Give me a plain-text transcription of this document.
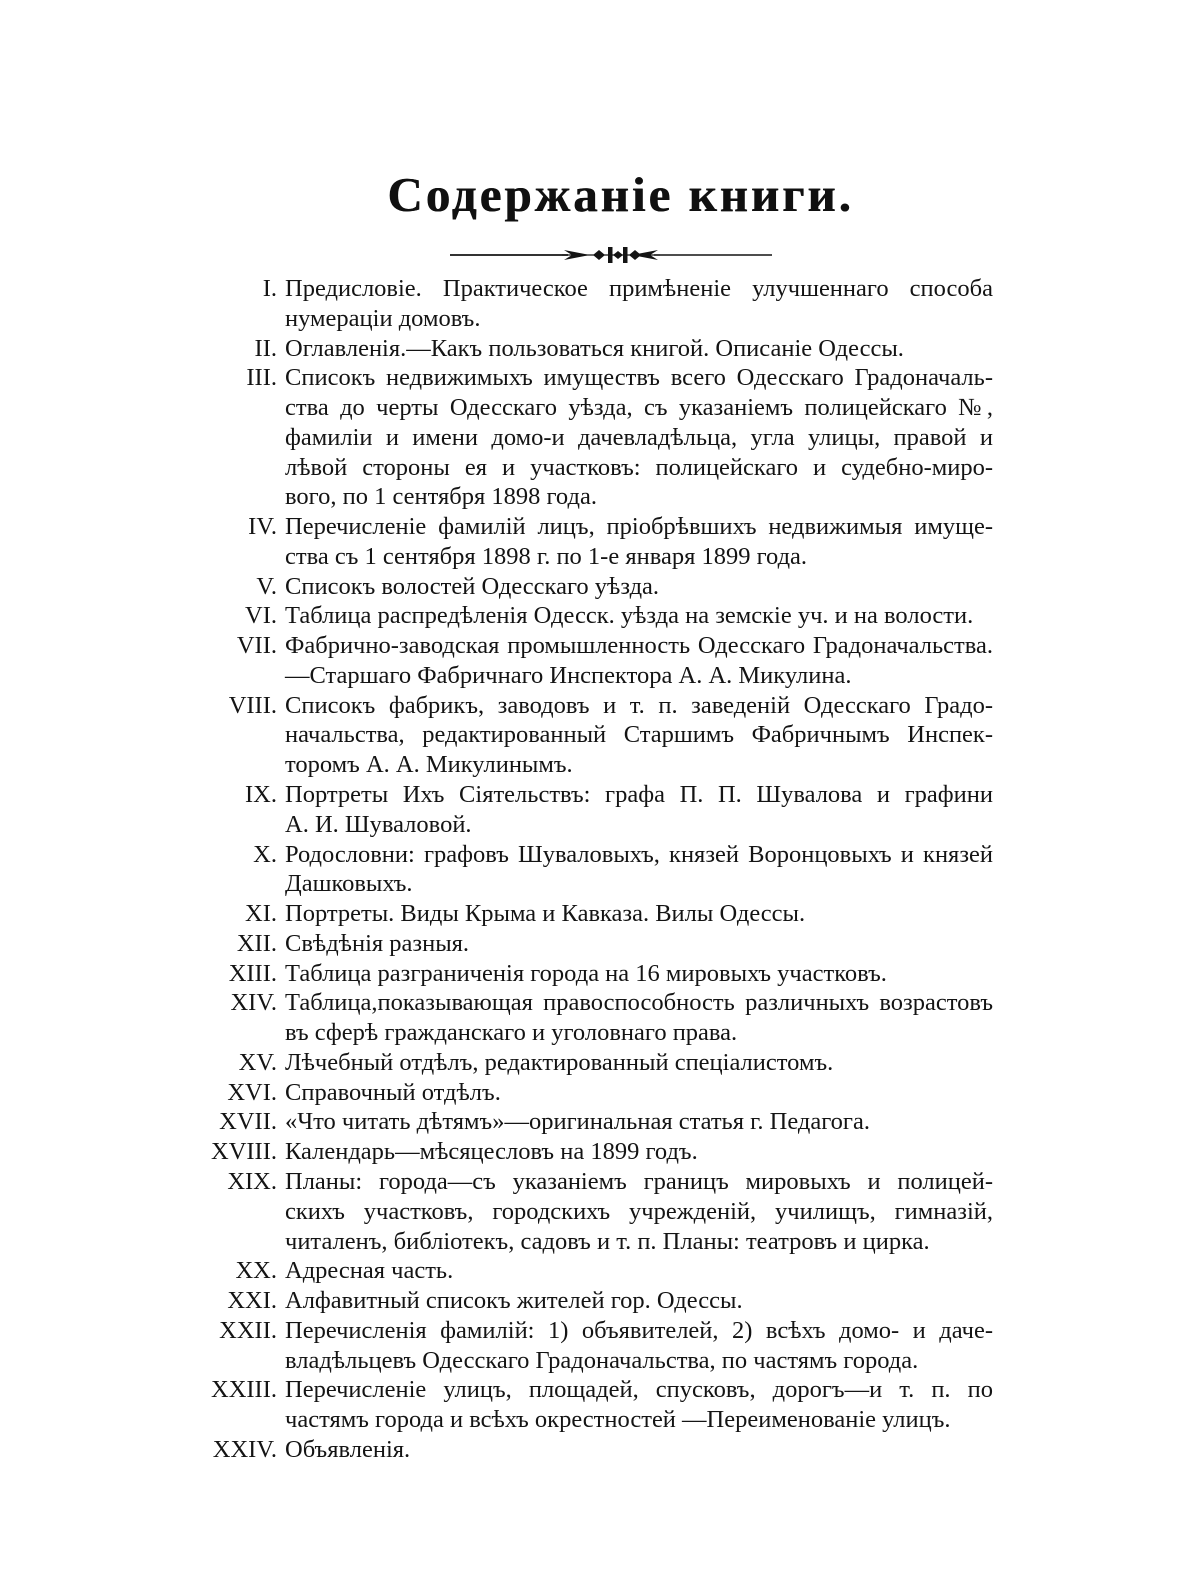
Содержаніе книги.
I. Предисловіе. Практическое примѣненіе улучшеннаго способа
нумераціи домовъ.
II. Оглавленія.—Какъ пользоваться книгой. Описаніе Одессы.
III. Списокъ недвижимыхъ имуществъ всего Одесскаго Градоначаль-
ства до черты Одесскаго уѣзда, съ указаніемъ полицейскаго №,
фамиліи и имени домо-и дачевладѣльца, угла улицы, правой и
лѣвой стороны ея и участковъ: полицейскаго и судебно-миро-
вого, по 1 сентября 1898 года.
IV. Перечисленіе фамилій лицъ, пріобрѣвшихъ недвижимыя имуще-
ства съ 1 сентября 1898 г. по 1-е января 1899 года.
V. Списокъ волостей Одесскаго уѣзда.
VI. Таблица распредѣленія Одесск. уѣзда на земскіе уч. и на волости.
VII. Фабрично-заводская промышленность Одесскаго Градоначальства.
—Старшаго Фабричнаго Инспектора А. А. Микулина.
VIII. Списокъ фабрикъ, заводовъ и т. п. заведеній Одесскаго Градо-
начальства, редактированный Старшимъ Фабричнымъ Инспек-
торомъ А. А. Микулинымъ.
IX. Портреты Ихъ Сіятельствъ: графа П. П. Шувалова и графини
А. И. Шуваловой.
X. Родословни: графовъ Шуваловыхъ, князей Воронцовыхъ и князей
Дашковыхъ.
XI. Портреты. Виды Крыма и Кавказа. Вилы Одессы.
XII. Свѣдѣнія разныя.
XIII. Таблица разграниченія города на 16 мировыхъ участковъ.
XIV. Таблица,показывающая правоспособность различныхъ возрастовъ
въ сферѣ гражданскаго и уголовнаго права.
XV. Лѣчебный отдѣлъ, редактированный спеціалистомъ.
XVI. Справочный отдѣлъ.
XVII. «Что читать дѣтямъ»—оригинальная статья г. Педагога.
XVIII. Календарь—мѣсяцесловъ на 1899 годъ.
XIX. Планы: города—съ указаніемъ границъ мировыхъ и полицей-
скихъ участковъ, городскихъ учрежденій, училищъ, гимназій,
читаленъ, библіотекъ, садовъ и т. п. Планы: театровъ и цирка.
XX. Адресная часть.
XXI. Алфавитный списокъ жителей гор. Одессы.
XXII. Перечисленія фамилій: 1) объявителей, 2) всѣхъ домо- и даче-
владѣльцевъ Одесскаго Градоначальства, по частямъ города.
XXIII. Перечисленіе улицъ, площадей, спусковъ, дорогъ—и т. п. по
частямъ города и всѣхъ окрестностей —Переименованіе улицъ.
XXIV. Объявленія.
